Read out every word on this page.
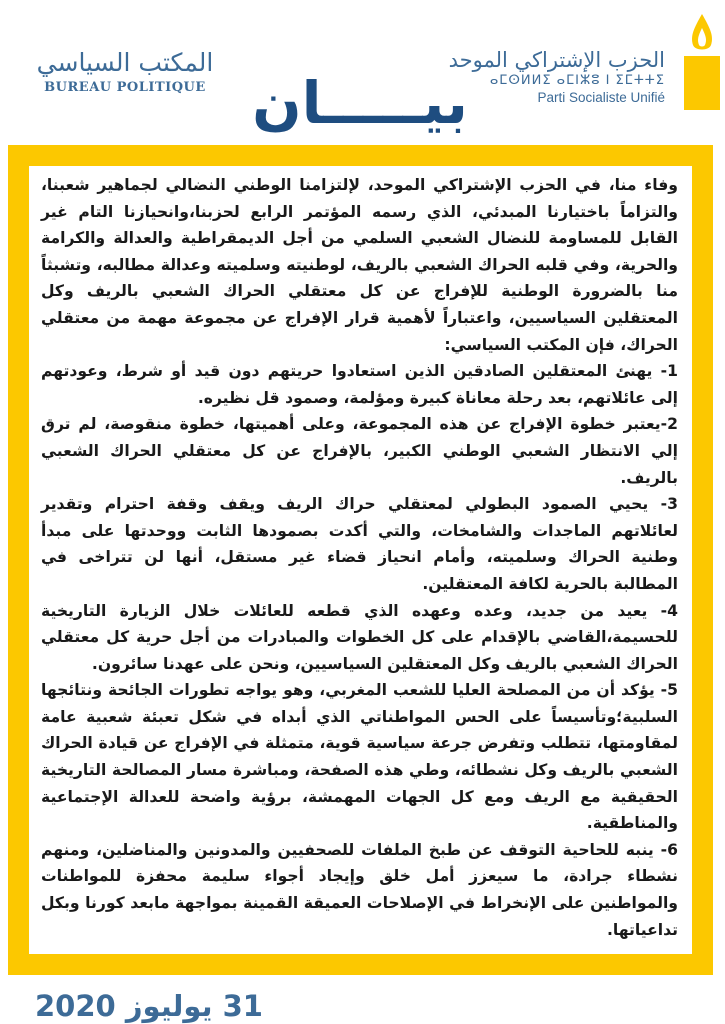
المكتب السياسي
BUREAU POLITIQUE بيـــــان
الحزب الإشتراكي الموحد
ⴰⵎⵙⵍⵍⵉ ⴰⵎⵏⵣⵓ ⵏ ⵉⵎⵜⵜⵉ
Parti Socialiste Unifié

وفاء منا، في الحزب الإشتراكي الموحد، لإلتزامنا الوطني النضالي لجماهير شعبنا، والتزاماً باختيارنا المبدئي، الذي رسمه المؤتمر الرابع لحزبنا،وانحيازنا التام غير القابل للمساومة للنضال الشعبي السلمي من أجل الديمقراطية والعدالة والكرامة والحرية، وفي قلبه الحراك الشعبي بالريف، لوطنيته وسلميته وعدالة مطالبه، وتشبثاً منا بالضرورة الوطنية للإفراج عن كل معتقلي الحراك الشعبي بالريف وكل المعتقلين السياسيين، واعتباراً لأهمية قرار الإفراج عن مجموعة مهمة من معتقلي الحراك، فإن المكتب السياسي:

1- يهنئ المعتقلين الصادقين الذين استعادوا حريتهم دون قيد أو شرط، وعودتهم إلى عائلاتهم، بعد رحلة معاناة كبيرة ومؤلمة، وصمود قل نظيره.

2-يعتبر خطوة الإفراج عن هذه المجموعة، وعلى أهميتها، خطوة منقوصة، لم ترق إلي الانتظار الشعبي الوطني الكبير، بالإفراج عن كل معتقلي الحراك الشعبي بالريف.

3- يحيي الصمود البطولي لمعتقلي حراك الريف ويقف وقفة احترام وتقدير لعائلاتهم الماجدات والشامخات، والتي أكدت بصمودها الثابت ووحدتها على مبدأ وطنية الحراك وسلميته، وأمام انحياز قضاء غير مستقل، أنها لن تتراخى في المطالبة بالحرية لكافة المعتقلين.

4- يعيد من جديد، وعده وعهده الذي قطعه للعائلات خلال الزيارة التاريخية للحسيمة،القاضي بالإقدام على كل الخطوات والمبادرات من أجل حرية كل معتقلي الحراك الشعبي بالريف وكل المعتقلين السياسيين، ونحن على عهدنا سائرون.

5- يؤكد أن من المصلحة العليا للشعب المغربي، وهو يواجه تطورات الجائحة ونتائجها السلبية؛وتأسيساً على الحس المواطناتي الذي أبداه في شكل تعبئة شعبية عامة لمقاومتها، تتطلب وتفرض جرعة سياسية قوية، متمثلة في الإفراج عن قيادة الحراك الشعبي بالريف وكل نشطائه، وطي هذه الصفحة، ومباشرة مسار المصالحة التاريخية الحقيقية مع الريف ومع كل الجهات المهمشة، برؤية واضحة للعدالة الإجتماعية والمناطقية.

6- ينبه للحاحية التوقف عن طبخ الملفات للصحفيين والمدونين والمناضلين، ومنهم نشطاء جرادة، ما سيعزز أمل خلق وإيجاد أجواء سليمة محفزة للمواطنات والمواطنين على الإنخراط في الإصلاحات العميقة القمينة بمواجهة مابعد كورنا وبكل تداعياتها.

31 يوليوز 2020
